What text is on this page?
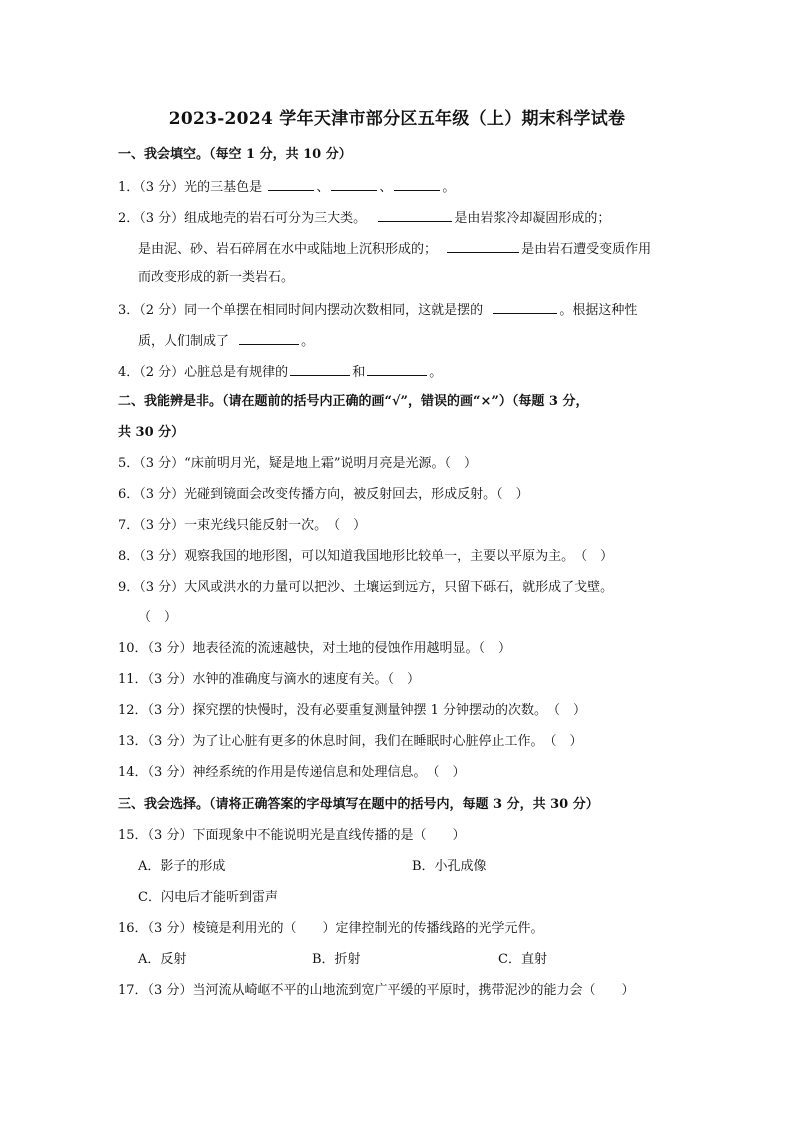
2023-2024 学年天津市部分区五年级（上）期末科学试卷
一、我会填空。（每空 1 分，共 10 分）
1．（3 分）光的三基色是	、	、	。
2．（3 分）组成地壳的岩石可分为三大类。	是由岩浆冷却凝固形成的；
是由泥、砂、岩石碎屑在水中或陆地上沉积形成的；	是由岩石遭受变质作用
而改变形成的新一类岩石。
3．（2 分）同一个单摆在相同时间内摆动次数相同，这就是摆的	。根据这种性
质，人们制成了	。
4．（2 分）心脏总是有规律的	和	。
二、我能辨是非。（请在题前的括号内正确的画“√”，错误的画“×”）（每题 3 分，
共 30 分）
5．（3 分）“床前明月光，疑是地上霜”说明月亮是光源。（　）
6．（3 分）光碰到镜面会改变传播方向，被反射回去，形成反射。（　）
7．（3 分）一束光线只能反射一次。　（　）
8．（3 分）观察我国的地形图，可以知道我国地形比较单一，主要以平原为主。　（　）
9．（3 分）大风或洪水的力量可以把沙、土壤运到远方，只留下砾石，就形成了戈壁。
（　）
10．（3 分）地表径流的流速越快，对土地的侵蚀作用越明显。（　）
11．（3 分）水钟的准确度与滴水的速度有关。（　）
12．（3 分）探究摆的快慢时，没有必要重复测量钟摆 1 分钟摆动的次数。　（　）
13．（3 分）为了让心脏有更多的休息时间，我们在睡眠时心脏停止工作。　（　）
14．（3 分）神经系统的作用是传递信息和处理信息。　（　）
三、我会选择。（请将正确答案的字母填写在题中的括号内，每题 3 分，共 30 分）
15．（3 分）下面现象中不能说明光是直线传播的是（　　）
A．影子的形成	B．小孔成像
C．闪电后才能听到雷声
16．（3 分）棱镜是利用光的（　　）定律控制光的传播线路的光学元件。
A．反射	B．折射	C．直射
17．（3 分）当河流从崎岖不平的山地流到宽广平缓的平原时，携带泥沙的能力会（　　）
